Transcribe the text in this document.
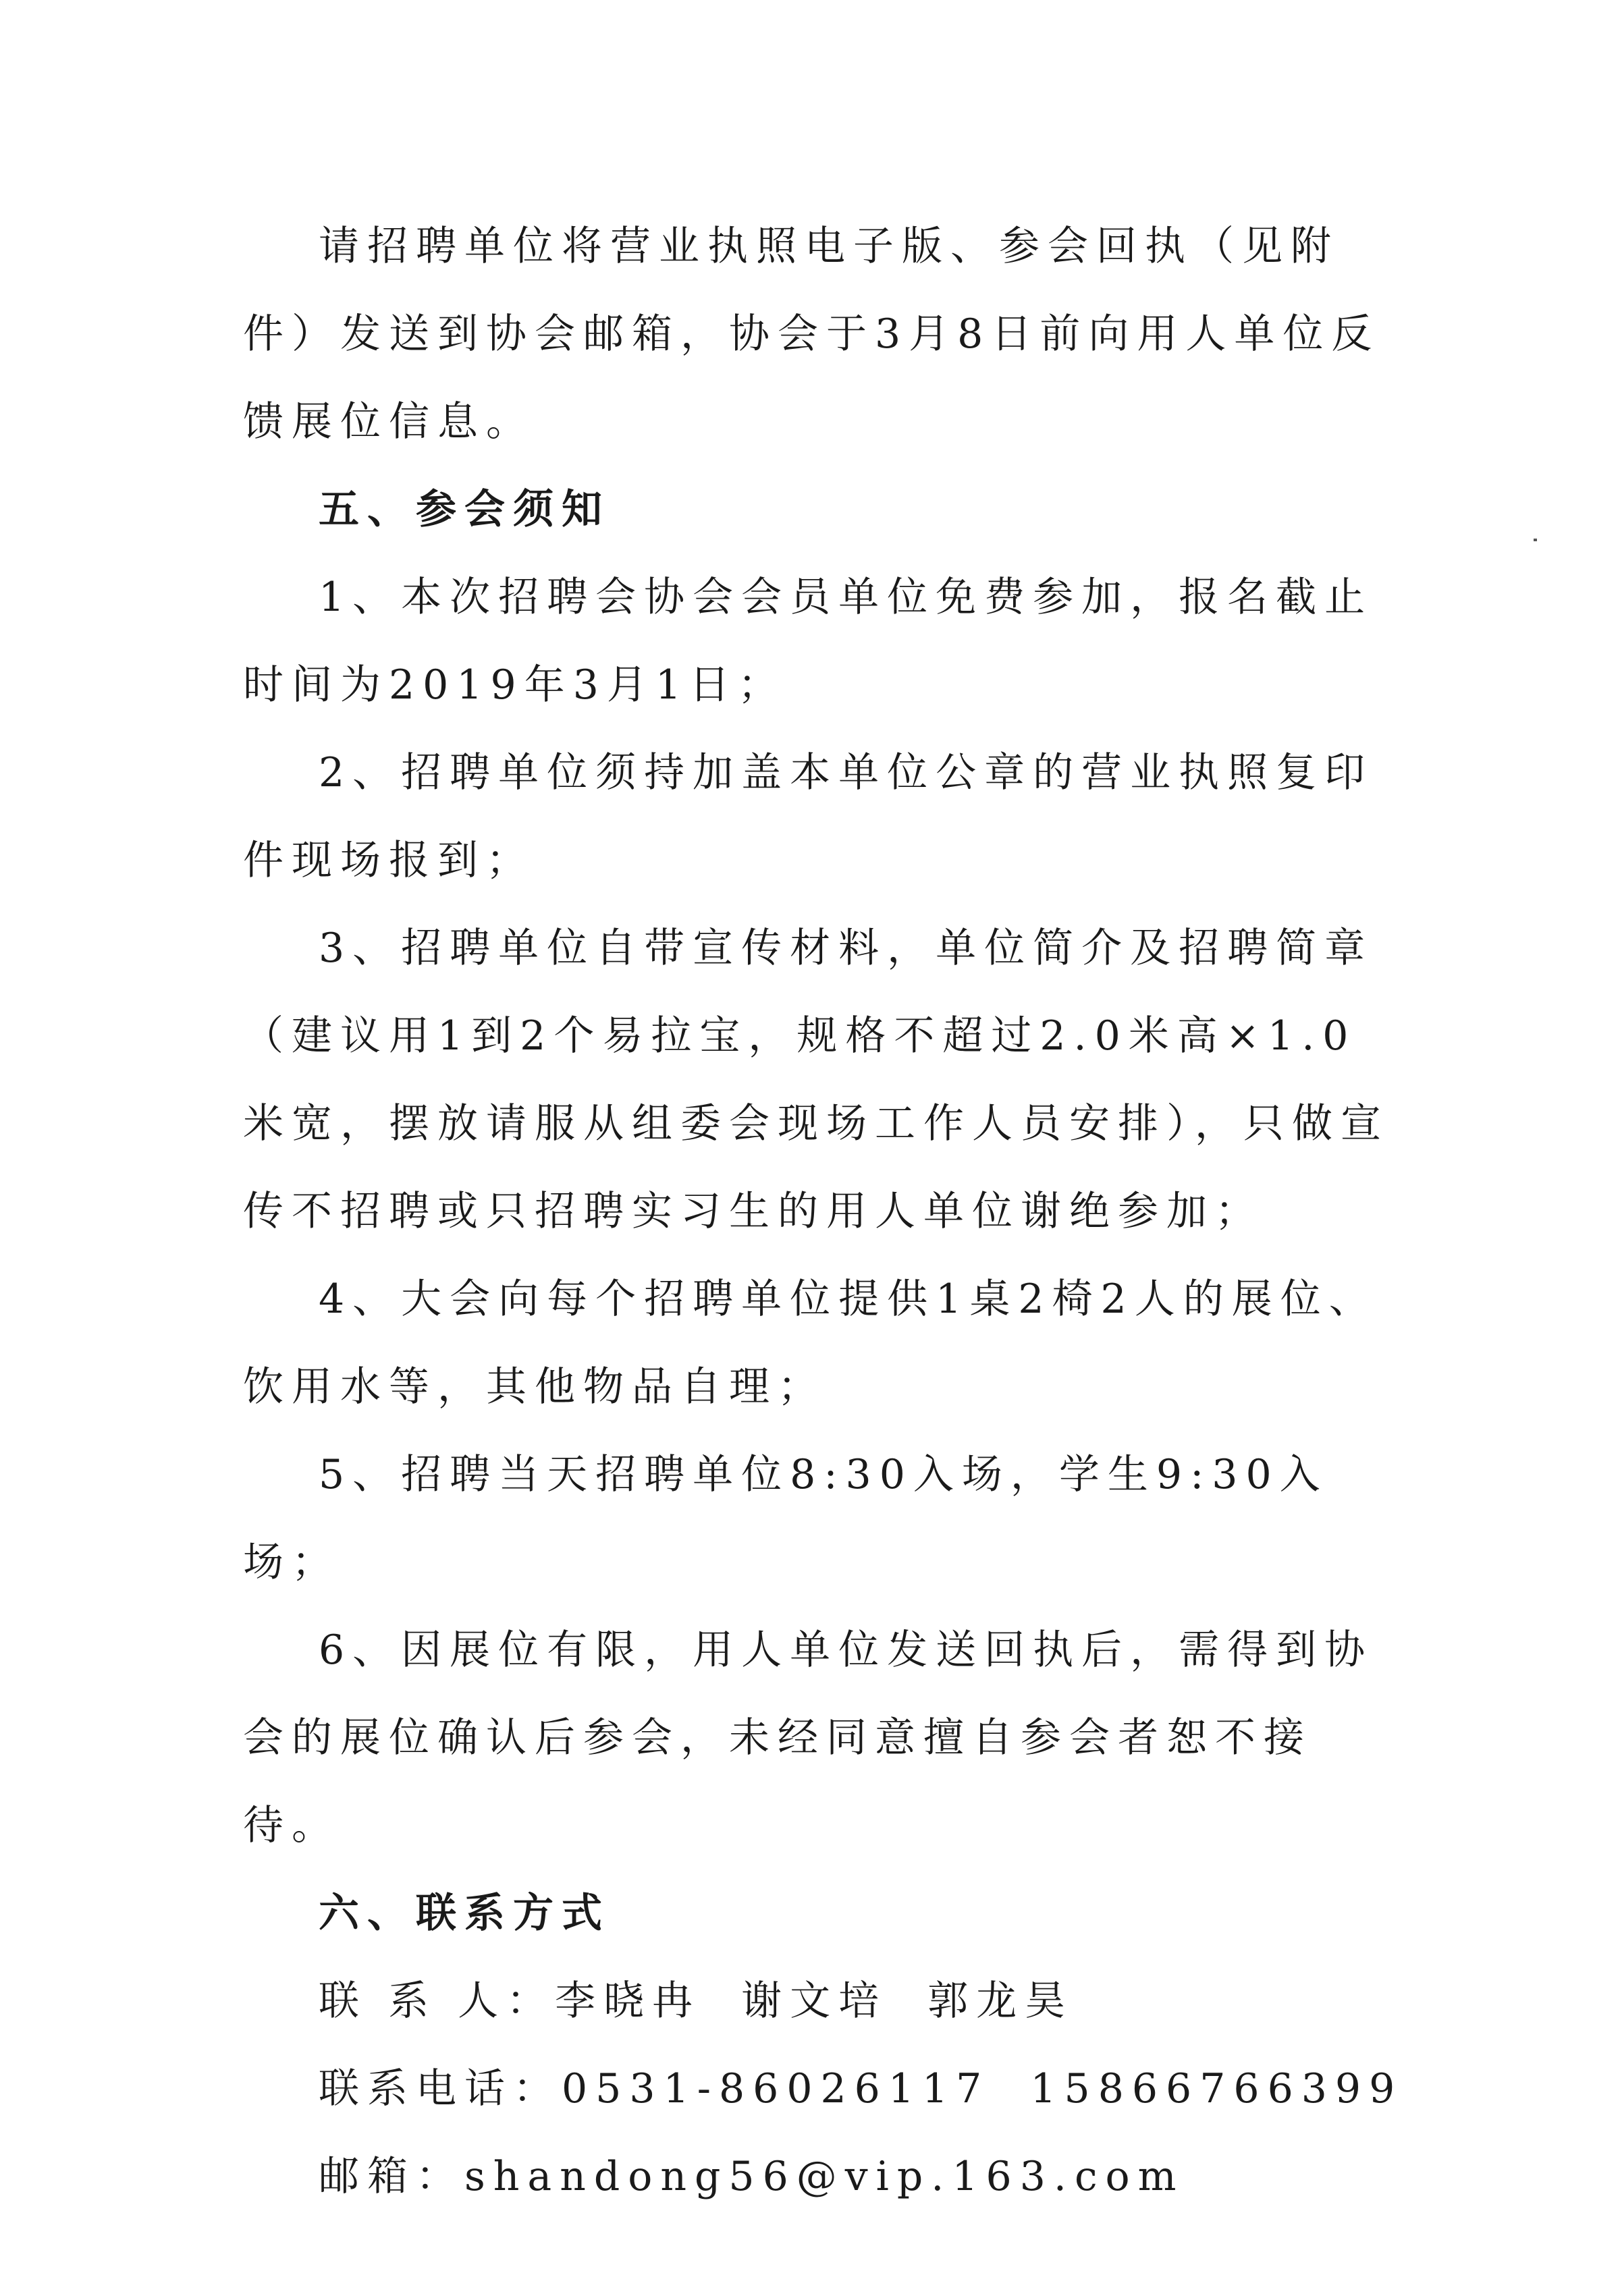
请招聘单位将营业执照电子版、参会回执（见附件）发送到协会邮箱，协会于3月8日前向用人单位反馈展位信息。

五、参会须知

1、本次招聘会协会会员单位免费参加，报名截止时间为2019年3月1日；

2、招聘单位须持加盖本单位公章的营业执照复印件现场报到；

3、招聘单位自带宣传材料，单位简介及招聘简章（建议用1到2个易拉宝，规格不超过2.0米高×1.0米宽，摆放请服从组委会现场工作人员安排），只做宣传不招聘或只招聘实习生的用人单位谢绝参加；

4、大会向每个招聘单位提供1桌2椅2人的展位、饮用水等，其他物品自理；

5、招聘当天招聘单位8:30入场，学生9:30入场；

6、因展位有限，用人单位发送回执后，需得到协会的展位确认后参会，未经同意擅自参会者恕不接待。

六、联系方式

联 系 人：李晓冉 谢文培 郭龙昊

联系电话：0531-86026117 15866766399

邮箱：shandong56@vip.163.com
